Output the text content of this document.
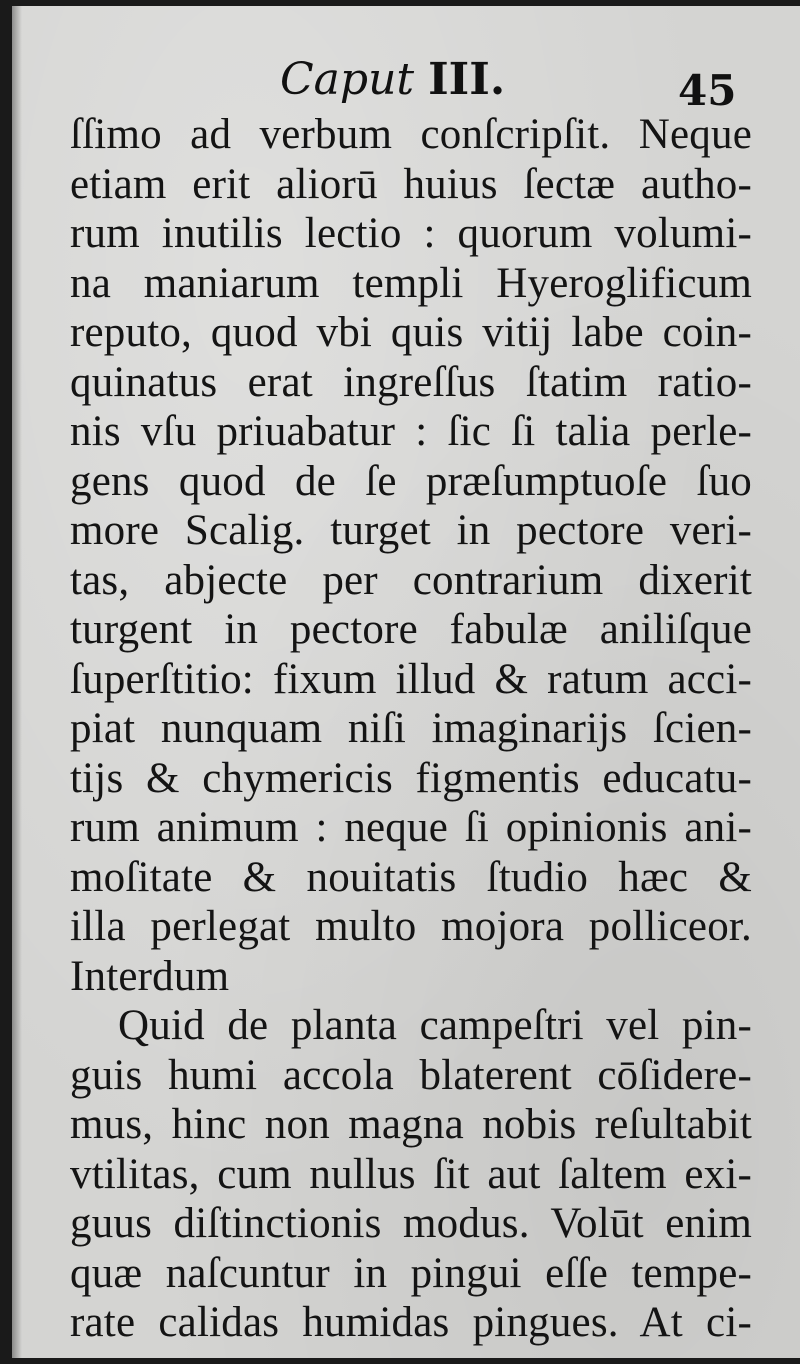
Caput III.	45
ſſimo ad verbum conſcripſit. Neque
etiam erit aliorū huius ſectæ autho-
rum inutilis lectio : quorum volumi-
na maniarum templi Hyeroglificum
reputo, quod vbi quis vitij labe coin-
quinatus erat ingreſſus ſtatim ratio-
nis vſu priuabatur : ſic ſi talia perle-
gens quod de ſe præſumptuoſe ſuo
more Scalig. turget in pectore veri-
tas, abjecte per contrarium dixerit
turgent in pectore fabulæ aniliſque
ſuperſtitio: fixum illud & ratum acci-
piat nunquam niſi imaginarijs ſcien-
tijs & chymericis figmentis educatu-
rum animum : neque ſi opinionis ani-
moſitate & nouitatis ſtudio hæc &
illa perlegat multo mojora polliceor.
Interdum
Quid de planta campeſtri vel pin-
guis humi accola blaterent cōſidere-
mus, hinc non magna nobis reſultabit
vtilitas, cum nullus ſit aut ſaltem exi-
guus diſtinctionis modus. Volūt enim
quæ naſcuntur in pingui eſſe tempe-
rate calidas humidas pingues. At ci-
